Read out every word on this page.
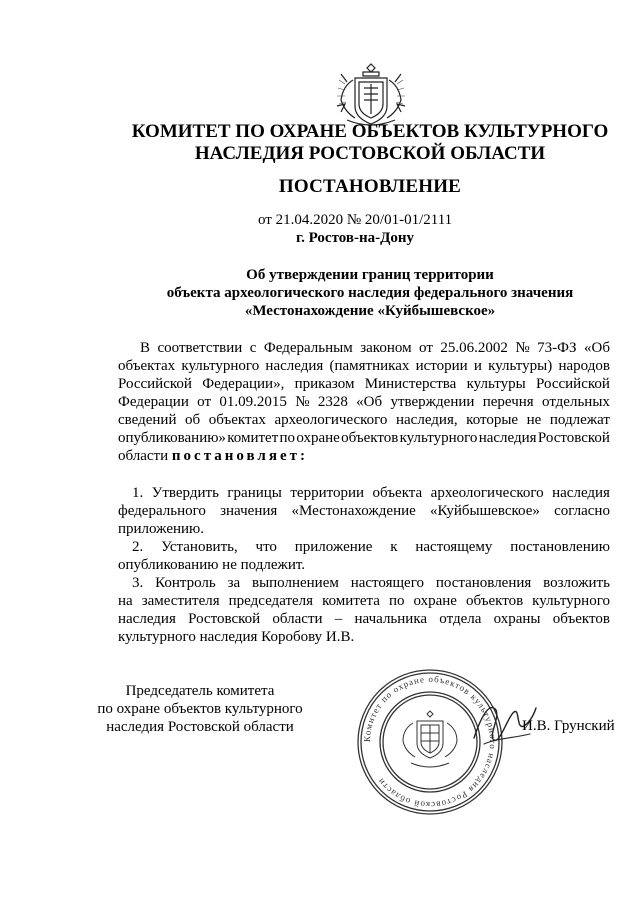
КОМИТЕТ ПО ОХРАНЕ ОБЪЕКТОВ КУЛЬТУРНОГО
НАСЛЕДИЯ РОСТОВСКОЙ ОБЛАСТИ
ПОСТАНОВЛЕНИЕ
от 21.04.2020 № 20/01-01/2111
г. Ростов-на-Дону
Об утверждении границ территории
объекта археологического наследия федерального значения
«Местонахождение «Куйбышевское»
В соответствии с Федеральным законом от 25.06.2002 № 73-ФЗ «Об
объектах культурного наследия (памятниках истории и культуры) народов
Российской Федерации», приказом Министерства культуры Российской
Федерации от 01.09.2015 № 2328 «Об утверждении перечня отдельных
сведений об объектах археологического наследия, которые не подлежат
опубликованию» комитет по охране объектов культурного наследия Ростовской
области постановляет:
1. Утвердить границы территории объекта археологического наследия
федерального значения «Местонахождение «Куйбышевское» согласно
приложению.
2. Установить, что приложение к настоящему постановлению
опубликованию не подлежит.
3. Контроль за выполнением настоящего постановления возложить
на заместителя председателя комитета по охране объектов культурного
наследия Ростовской области – начальника отдела охраны объектов
культурного наследия Коробову И.В.
Председатель комитета
по охране объектов культурного
наследия Ростовской области
Комитет по охране объектов культурного наследия Ростовской области
И.В. Грунский
